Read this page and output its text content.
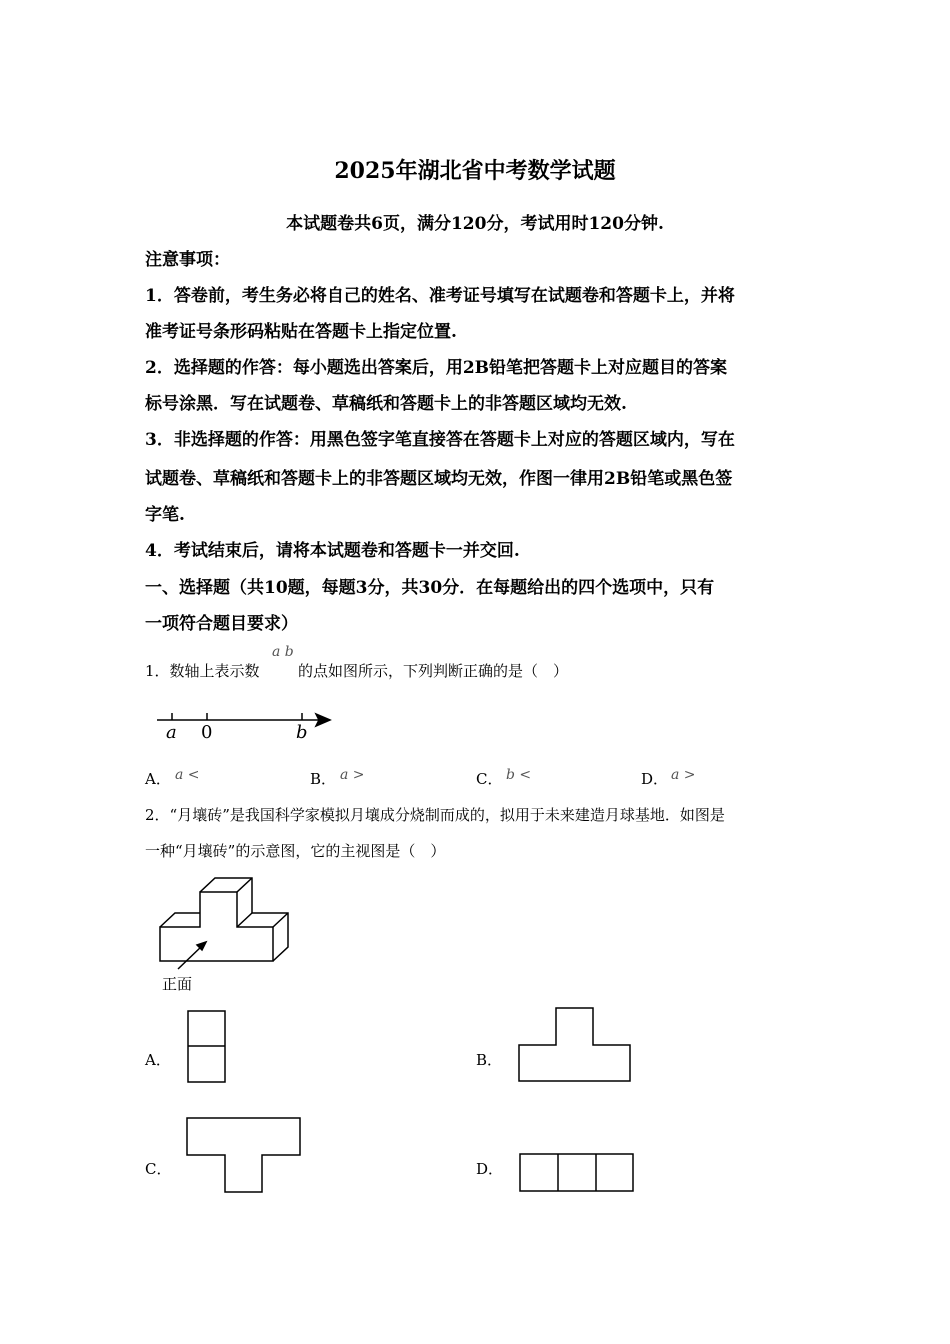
2025年湖北省中考数学试题
本试题卷共6页，满分120分，考试用时120分钟.
注意事项：
1．答卷前，考生务必将自己的姓名、准考证号填写在试题卷和答题卡上，并将
准考证号条形码粘贴在答题卡上指定位置.
2．选择题的作答：每小题选出答案后，用2B铅笔把答题卡上对应题目的答案
标号涂黑．写在试题卷、草稿纸和答题卡上的非答题区域均无效.
3．非选择题的作答：用黑色签字笔直接答在答题卡上对应的答题区域内，写在
试题卷、草稿纸和答题卡上的非答题区域均无效，作图一律用2B铅笔或黑色签
字笔.
4．考试结束后，请将本试题卷和答题卡一并交回.
一、选择题（共10题，每题3分，共30分．在每题给出的四个选项中，只有
一项符合题目要求）
1．数轴上表示数
a b
的点如图所示，下列判断正确的是（　）
a 0	b
A． a <	B． a >	C． b <	D． a >
2．“月壤砖”是我国科学家模拟月壤成分烧制而成的，拟用于未来建造月球基地．如图是
一种“月壤砖”的示意图，它的主视图是（　）
正面
A．	B．
C．	D．
